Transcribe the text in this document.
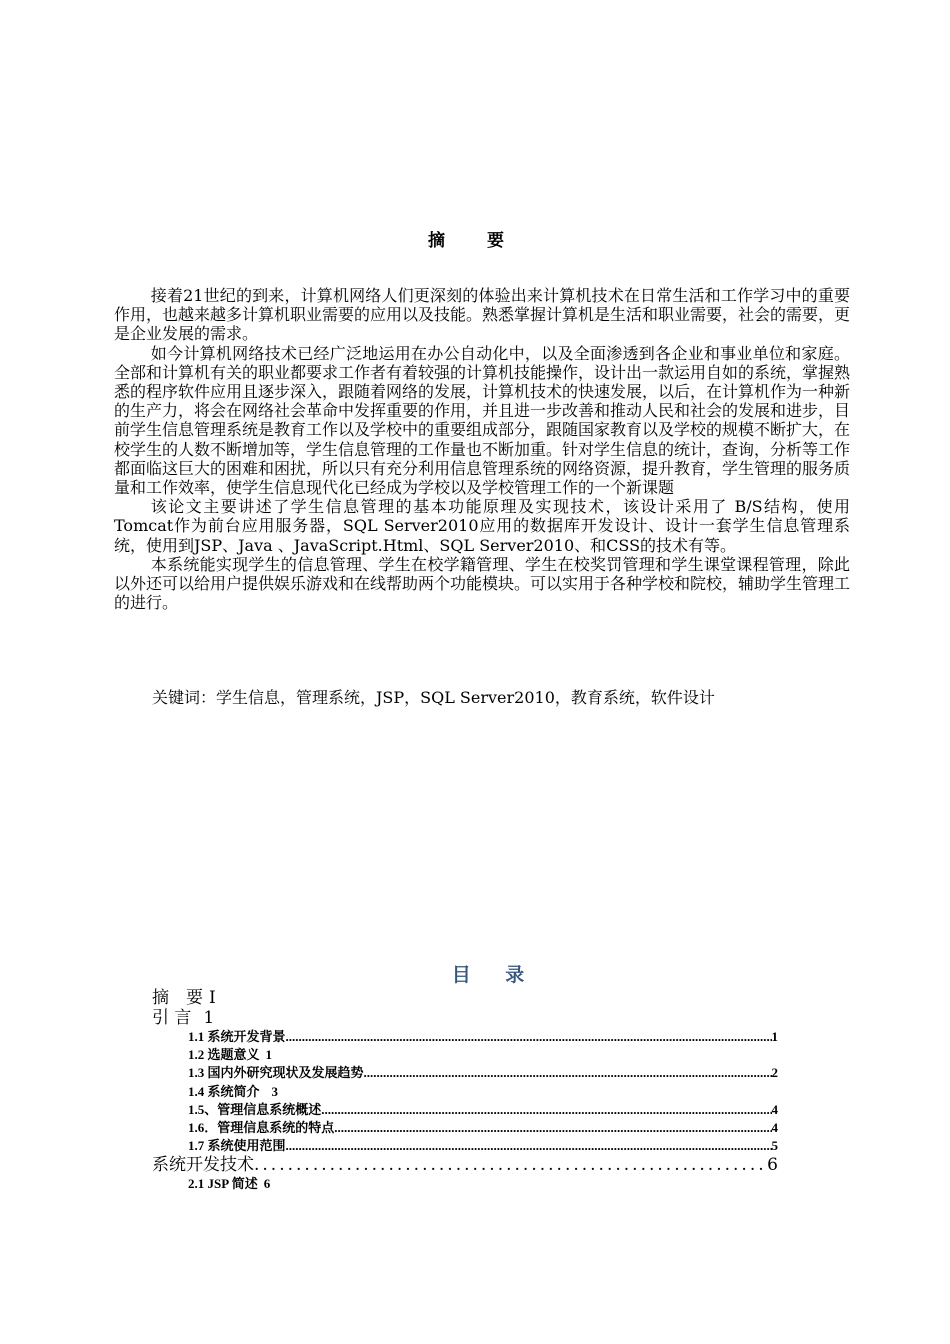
摘 要

接着21世纪的到来，计算机网络人们更深刻的体验出来计算机技术在日常生活和工作学习中的重要作用，也越来越多计算机职业需要的应用以及技能。熟悉掌握计算机是生活和职业需要，社会的需要，更是企业发展的需求。

如今计算机网络技术已经广泛地运用在办公自动化中，以及全面渗透到各企业和事业单位和家庭。全部和计算机有关的职业都要求工作者有着较强的计算机技能操作，设计出一款运用自如的系统，掌握熟悉的程序软件应用且逐步深入，跟随着网络的发展，计算机技术的快速发展，以后，在计算机作为一种新的生产力，将会在网络社会革命中发挥重要的作用，并且进一步改善和推动人民和社会的发展和进步，目前学生信息管理系统是教育工作以及学校中的重要组成部分，跟随国家教育以及学校的规模不断扩大，在校学生的人数不断增加等，学生信息管理的工作量也不断加重。针对学生信息的统计，查询，分析等工作都面临这巨大的困难和困扰，所以只有充分利用信息管理系统的网络资源，提升教育，学生管理的服务质量和工作效率，使学生信息现代化已经成为学校以及学校管理工作的一个新课题

该论文主要讲述了学生信息管理的基本功能原理及实现技术，该设计采用了 B/S结构，使用Tomcat作为前台应用服务器，SQL Server2010应用的数据库开发设计、设计一套学生信息管理系统，使用到JSP、Java 、JavaScript.Html、SQL Server2010、和CSS的技术有等。

本系统能实现学生的信息管理、学生在校学籍管理、学生在校奖罚管理和学生课堂课程管理，除此以外还可以给用户提供娱乐游戏和在线帮助两个功能模块。可以实用于各种学校和院校，辅助学生管理工的进行。

关键词：学生信息，管理系统，JSP，SQL Server2010，教育系统，软件设计
目 录
摘　要 I
引 言 1
1.1 系统开发背景 .....	1
1.2 选题意义 1
1.3 国内外研究现状及发展趋势 .....	2
1.4 系统简介 3
1.5、管理信息系统概述 .....	4
1.6．管理信息系统的特点 .....	4
1.7 系统使用范围 .....	5
系统开发技术 .....	6
2.1 JSP 简述 6
